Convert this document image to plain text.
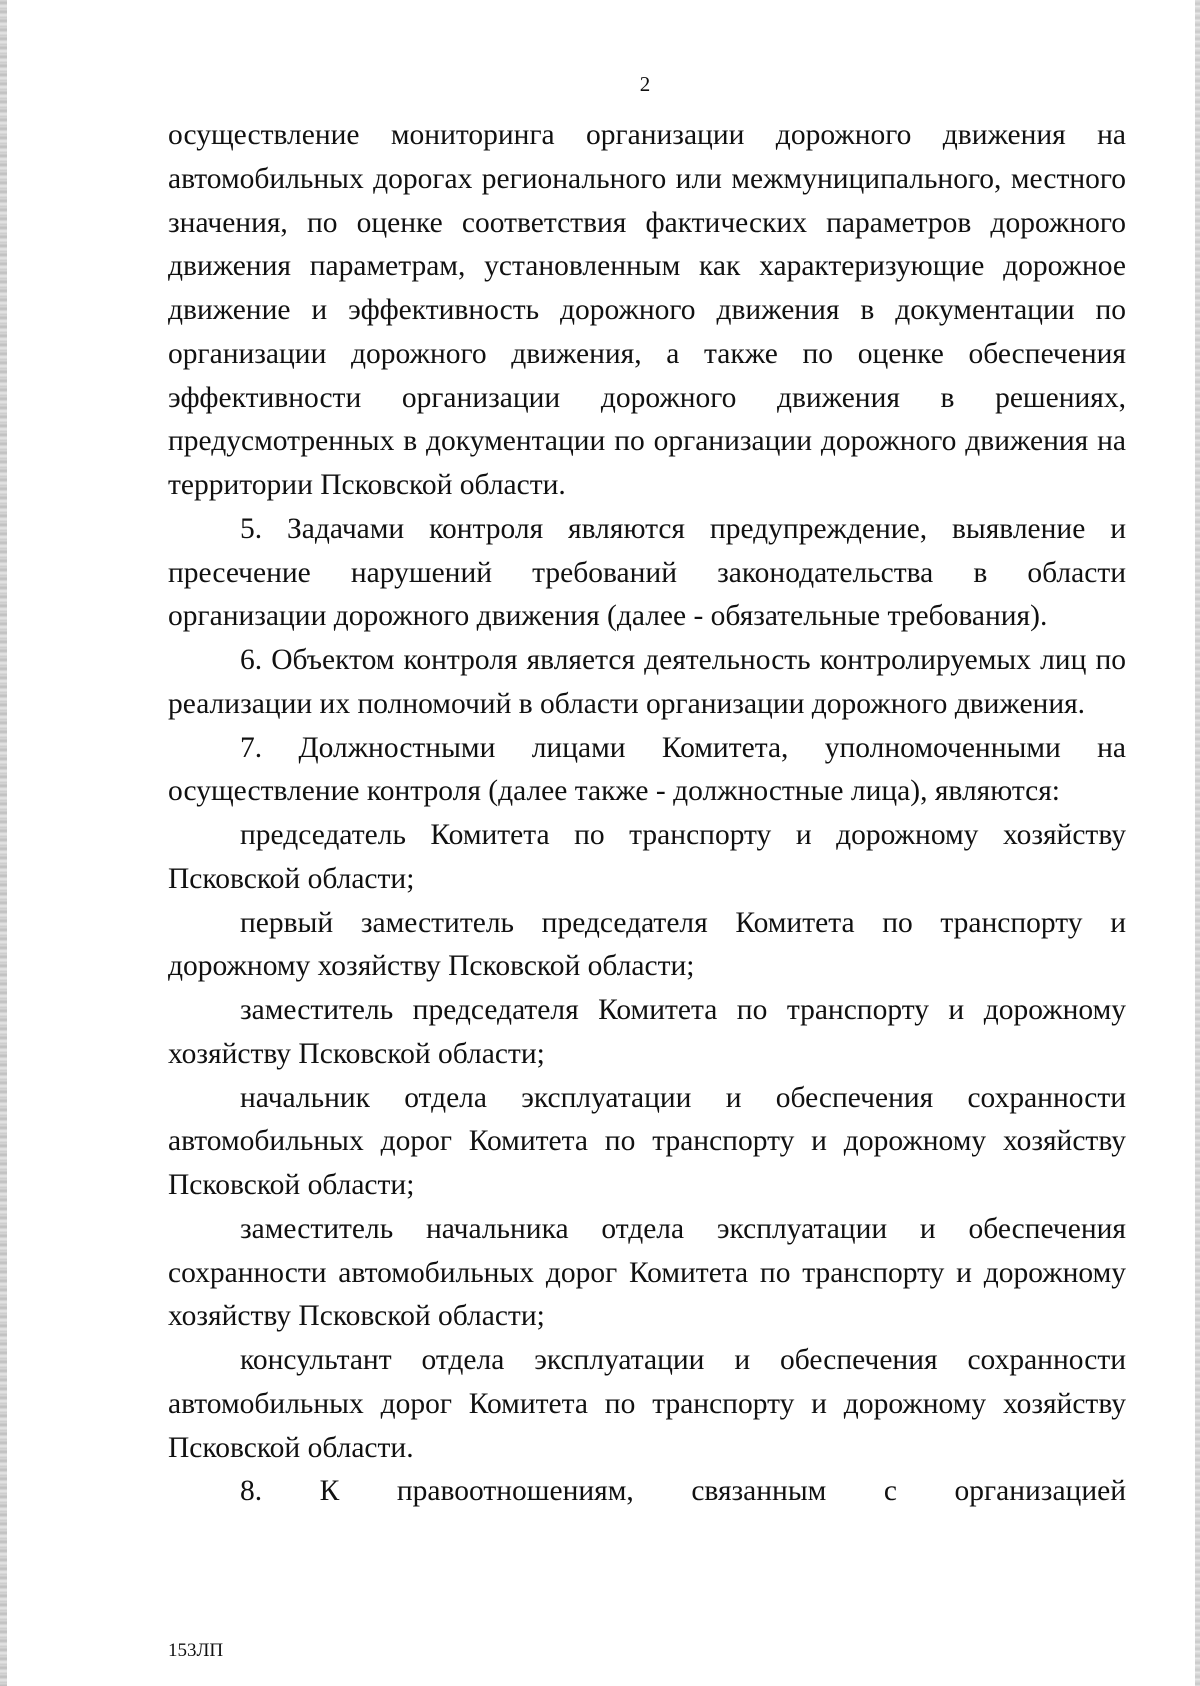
2

осуществление мониторинга организации дорожного движения на автомобильных дорогах регионального или межмуниципального, местного значения, по оценке соответствия фактических параметров дорожного движения параметрам, установленным как характеризующие дорожное движение и эффективность дорожного движения в документации по организации дорожного движения, а также по оценке обеспечения эффективности организации дорожного движения в решениях, предусмотренных в документации по организации дорожного движения на территории Псковской области.

5. Задачами контроля являются предупреждение, выявление и пресечение нарушений требований законодательства в области организации дорожного движения (далее - обязательные требования).

6. Объектом контроля является деятельность контролируемых лиц по реализации их полномочий в области организации дорожного движения.

7. Должностными лицами Комитета, уполномоченными на осуществление контроля (далее также - должностные лица), являются:

председатель Комитета по транспорту и дорожному хозяйству Псковской области;

первый заместитель председателя Комитета по транспорту и дорожному хозяйству Псковской области;

заместитель председателя Комитета по транспорту и дорожному хозяйству Псковской области;

начальник отдела эксплуатации и обеспечения сохранности автомобильных дорог Комитета по транспорту и дорожному хозяйству Псковской области;

заместитель начальника отдела эксплуатации и обеспечения сохранности автомобильных дорог Комитета по транспорту и дорожному хозяйству Псковской области;

консультант отдела эксплуатации и обеспечения сохранности автомобильных дорог Комитета по транспорту и дорожному хозяйству Псковской области.

8. К правоотношениям, связанным с организацией

153ЛП
